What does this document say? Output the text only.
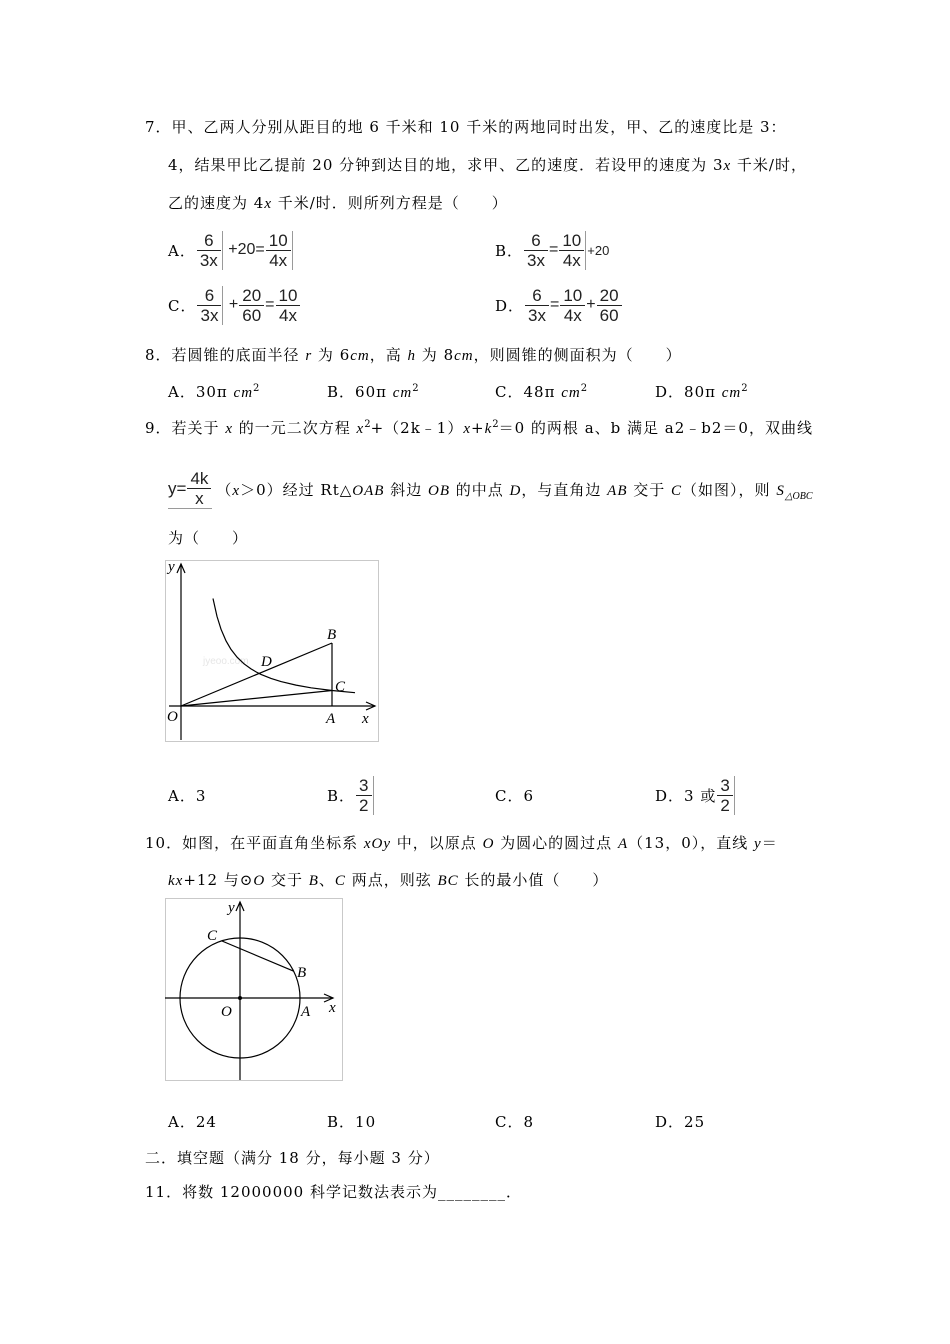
7．甲、乙两人分别从距目的地 6 千米和 10 千米的两地同时出发，甲、乙的速度比是 3：
4，结果甲比乙提前 20 分钟到达目的地，求甲、乙的速度．若设甲的速度为 3x 千米/时，
乙的速度为 4x 千米/时．则所列方程是（　　）
A． $\frac{6}{3x} +20= \frac{10}{4x}$	B． $\frac{6}{3x} = \frac{10}{4x} +20$
C． $\frac{6}{3x} + \frac{20}{60} = \frac{10}{4x}$	D． $\frac{6}{3x} = \frac{10}{4x} + \frac{20}{60}$
8．若圆锥的底面半径 r 为 6cm，高 h 为 8cm，则圆锥的侧面积为（　　）
A．30π $cm^2$	B．60π $cm^2$	C．48π $cm^2$	D．80π $cm^2$
9．若关于 x 的一元二次方程 $x^2+(2k﹣1)x+k^2=0$ 的两根 a、b 满足 a2﹣b2＝0，双曲线
$y= \frac{4k}{x} (x>0)$经过 Rt△OAB 斜边 OB 的中点 D，与直角边 AB 交于 C（如图），则 $S_{\triangle OBC}$
为（　　）
jyeoo.com
y
x
O	A
B
C
D
A．3	B． $\frac{3}{2}$	C．6	D．3 或 $\frac{3}{2}$
10．如图，在平面直角坐标系 xOy 中，以原点 O 为圆心的圆过点 A（13，0），直线 y＝
kx+12 与⊙O 交于 B、C 两点，则弦 BC 长的最小值（　　）
y
x
C
B
O	A
A．24	B．10	C．8	D．25
二．填空题（满分 18 分，每小题 3 分）
11．将数 12000000 科学记数法表示为________．
